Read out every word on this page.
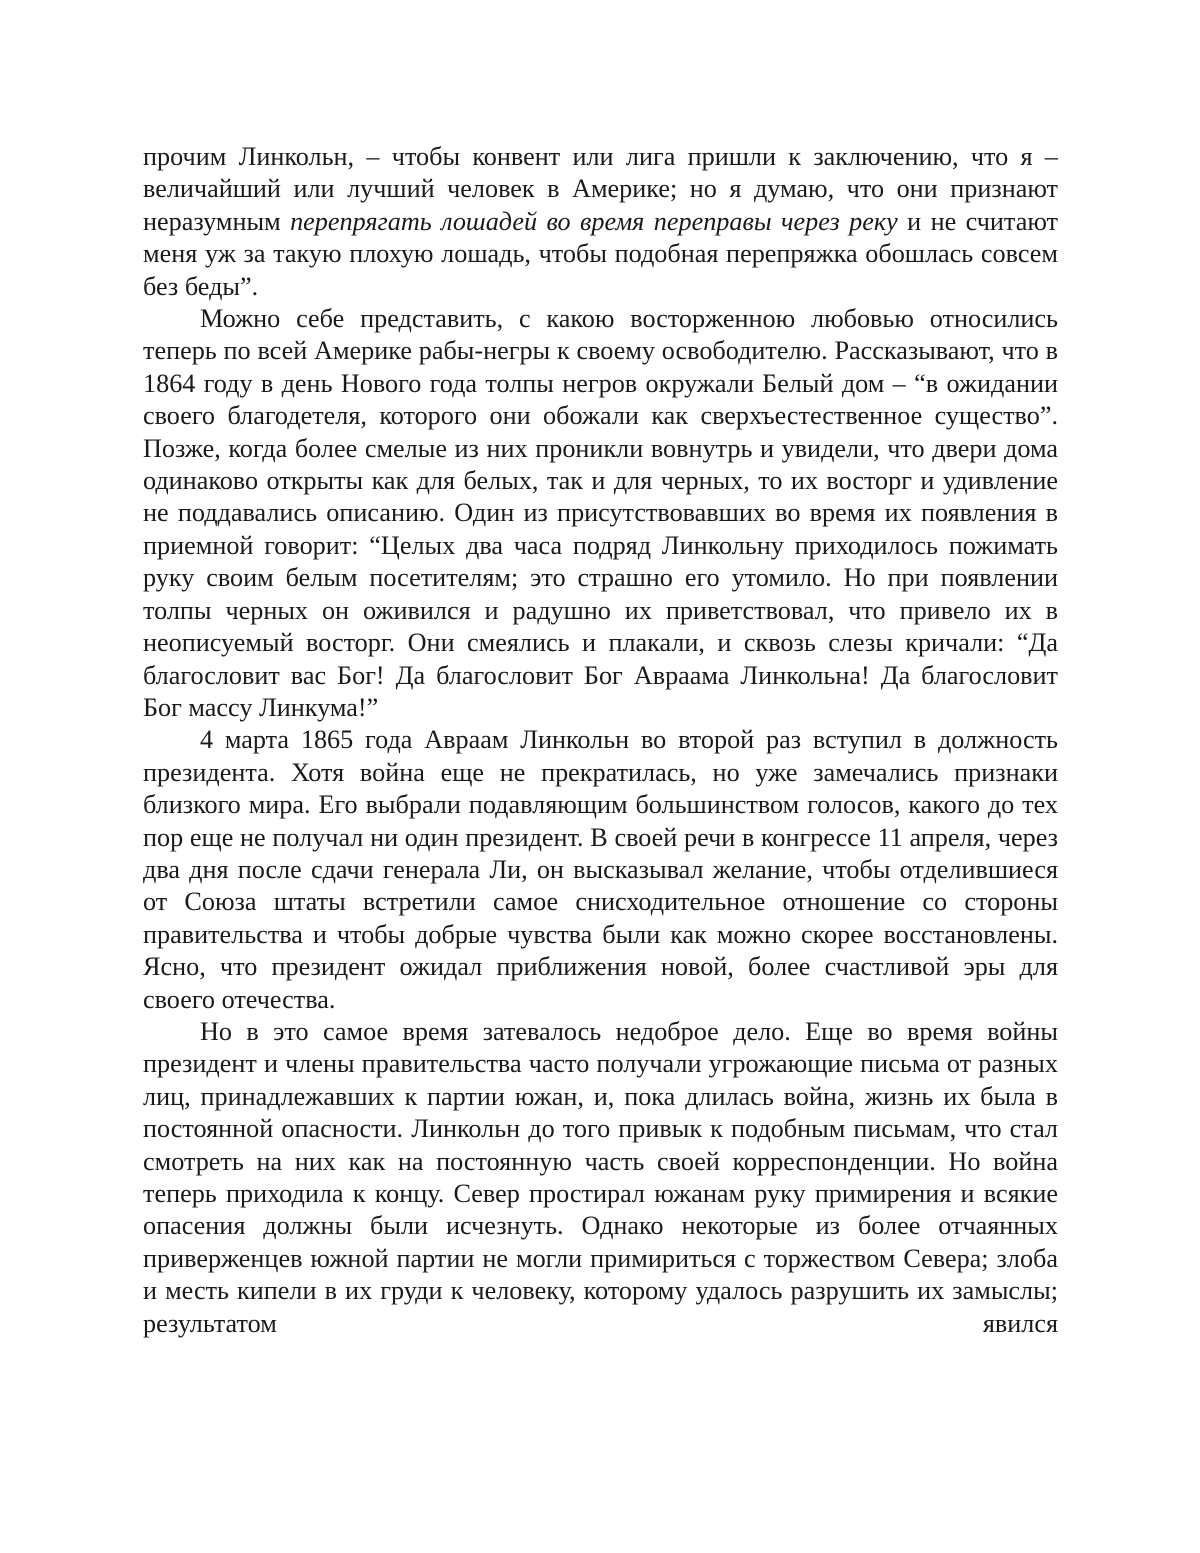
прочим Линкольн, – чтобы конвент или лига пришли к заключению, что я – величайший или лучший человек в Америке; но я думаю, что они признают неразумным перепрягать лошадей во время переправы через реку и не считают меня уж за такую плохую лошадь, чтобы подобная перепряжка обошлась совсем без беды”.

Можно себе представить, с какою восторженною любовью относились теперь по всей Америке рабы-негры к своему освободителю. Рассказывают, что в 1864 году в день Нового года толпы негров окружали Белый дом – “в ожидании своего благодетеля, которого они обожали как сверхъестественное существо”. Позже, когда более смелые из них проникли вовнутрь и увидели, что двери дома одинаково открыты как для белых, так и для черных, то их восторг и удивление не поддавались описанию. Один из присутствовавших во время их появления в приемной говорит: “Целых два часа подряд Линкольну приходилось пожимать руку своим белым посетителям; это страшно его утомило. Но при появлении толпы черных он оживился и радушно их приветствовал, что привело их в неописуемый восторг. Они смеялись и плакали, и сквозь слезы кричали: “Да благословит вас Бог! Да благословит Бог Авраама Линкольна! Да благословит Бог массу Линкума!”

4 марта 1865 года Авраам Линкольн во второй раз вступил в должность президента. Хотя война еще не прекратилась, но уже замечались признаки близкого мира. Его выбрали подавляющим большинством голосов, какого до тех пор еще не получал ни один президент. В своей речи в конгрессе 11 апреля, через два дня после сдачи генерала Ли, он высказывал желание, чтобы отделившиеся от Союза штаты встретили самое снисходительное отношение со стороны правительства и чтобы добрые чувства были как можно скорее восстановлены. Ясно, что президент ожидал приближения новой, более счастливой эры для своего отечества.

Но в это самое время затевалось недоброе дело. Еще во время войны президент и члены правительства часто получали угрожающие письма от разных лиц, принадлежавших к партии южан, и, пока длилась война, жизнь их была в постоянной опасности. Линкольн до того привык к подобным письмам, что стал смотреть на них как на постоянную часть своей корреспонденции. Но война теперь приходила к концу. Север простирал южанам руку примирения и всякие опасения должны были исчезнуть. Однако некоторые из более отчаянных приверженцев южной партии не могли примириться с торжеством Севера; злоба и месть кипели в их груди к человеку, которому удалось разрушить их замыслы; результатом явился
